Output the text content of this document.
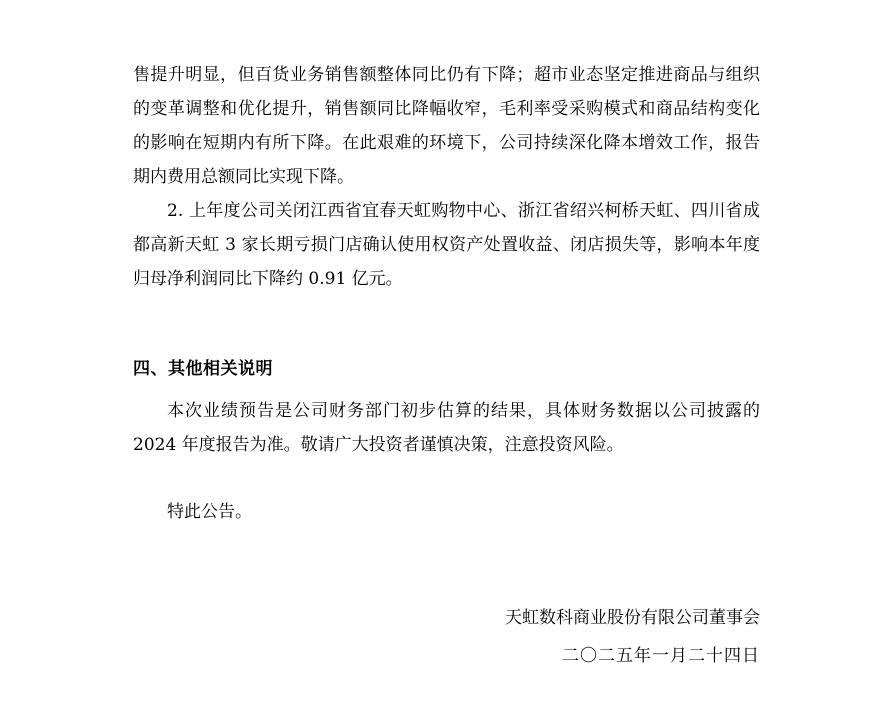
售提升明显，但百货业务销售额整体同比仍有下降；超市业态坚定推进商品与组织的变革调整和优化提升，销售额同比降幅收窄，毛利率受采购模式和商品结构变化的影响在短期内有所下降。在此艰难的环境下，公司持续深化降本增效工作，报告期内费用总额同比实现下降。

2. 上年度公司关闭江西省宜春天虹购物中心、浙江省绍兴柯桥天虹、四川省成都高新天虹 3 家长期亏损门店确认使用权资产处置收益、闭店损失等，影响本年度归母净利润同比下降约 0.91 亿元。

四、其他相关说明

本次业绩预告是公司财务部门初步估算的结果，具体财务数据以公司披露的 2024 年度报告为准。敬请广大投资者谨慎决策，注意投资风险。

特此公告。

天虹数科商业股份有限公司董事会

二〇二五年一月二十四日
